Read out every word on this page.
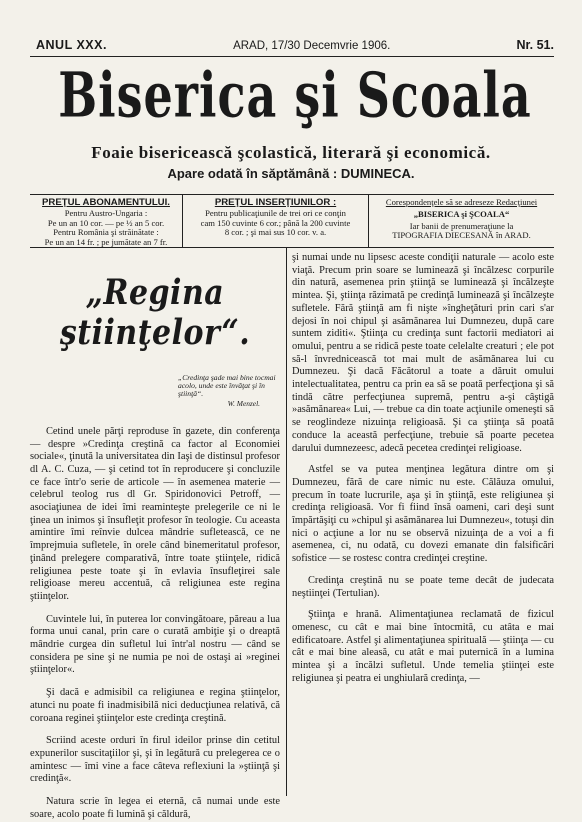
ANUL XXX.	ARAD, 17/30 Decemvrie 1906.	Nr. 51.
Biserica şi Scoala
Foaie bisericească şcolastică, literară şi economică.
Apare odată în săptămână : DUMINECA.
PREŢUL ABONAMENTULUI.
Pentru Austro-Ungaria :
Pe un an 10 cor. — pe ½ an 5 cor.
Pentru România şi străinătate :
Pe un an 14 fr. ; pe jumătate an 7 fr.
PREŢUL INSERŢIUNILOR :
Pentru publicaţiunile de trei ori ce conţin
cam 150 cuvinte 6 cor.; până la 200 cuvinte
8 cor. ; şi mai sus 10 cor. v. a.
Corespondenţele să se adreseze Redacţiunei
„BISERICA şi ŞCOALA“
Iar banii de prenumeraţiune la
TIPOGRAFIA DIECESANĂ în ARAD.
„Regina ştiinţelor“.
„Credinţa şade mai bine tocmai acolo, unde este învăţat şi în ştiinţă“.
W. Menzel.

Cetind unele părţi reproduse în gazete, din conferenţa — despre »Credinţa creştină ca factor al Economiei sociale«, ţinută la universitatea din Iaşi de distinsul profesor dl A. C. Cuza, — şi cetind tot în reproducere şi concluzile ce face într'o serie de articole — în asemenea materie — celebrul teolog rus dl Gr. Spiridonovici Petroff, — asociaţiunea de idei îmi reaminteşte prelegerile ce ni le ţinea un inimos şi însufleţit profesor în teologie. Cu aceasta amintire îmi reînvie dulcea mândrie sufletească, ce ne împrejmuia sufletele, în orele când binemeritatul profesor, ţinând prelegere comparativă, între toate ştiinţele, ridică religiunea peste toate şi în evlavia însufleţirei sale religioase mereu accentuă, că religiunea este regina ştiinţelor.

Cuvintele lui, în puterea lor convingătoare, păreau a lua forma unui canal, prin care o curată ambiţie şi o dreaptă mândrie curgea din sufletul lui într'al nostru — când se considera pe sine şi ne numia pe noi de ostaşi ai »reginei ştiinţelor«.

Şi dacă e admisibil ca religiunea e regina ştiinţelor, atunci nu poate fi inadmisibilă nici deducţiunea relativă, că coroana reginei ştiinţelor este credinţa creştină.

Scriind aceste orduri în firul ideilor prinse din cetitul expunerilor suscitaţiilor şi, şi în legătură cu prelegerea ce o amintesc — îmi vine a face câteva reflexiuni la »ştiinţă şi credinţă«.

Natura scrie în legea ei eternă, că numai unde este soare, acolo poate fi lumină şi căldură,

şi numai unde nu lipsesc aceste condiţii naturale — acolo este viaţă. Precum prin soare se luminează şi încălzesc corpurile din natură, asemenea prin ştiinţă se luminează şi încălzeşte mintea. Şi, ştiinţa răzimată pe credinţă luminează şi încălzeşte sufletele. Fără ştiinţă am fi nişte »îngheţături prin cari s'ar dejosi în noi chipul şi asămănarea lui Dumnezeu, după care suntem ziditi«. Ştiinţa cu credinţa sunt factorii mediatori ai omului, pentru a se ridică peste toate celelalte creaturi ; ele pot să-l învrednicească tot mai mult de asămănarea lui cu Dumnezeu. Şi dacă Făcătorul a toate a dăruit omului intelectualitatea, pentru ca prin ea să se poată perfecţiona şi să tindă către perfecţiunea supremă, pentru a-şi câştigă »asămănarea« Lui, — trebue ca din toate acţiunile omeneşti să se reoglindeze nizuinţa religioasă. Şi ca ştiinţa să poată conduce la această perfecţiune, trebuie să poarte pecetea darului dumnezeesc, adecă pecetea credinţei religioase.

Astfel se va putea menţinea legătura dintre om şi Dumnezeu, fără de care nimic nu este. Călăuza omului, precum în toate lucrurile, aşa şi în ştiinţă, este religiunea şi credinţa religioasă. Vor fi fiind însă oameni, cari deşi sunt împărtăşiţi cu »chipul şi asămănarea lui Dumnezeu«, totuşi din nici o acţiune a lor nu se observă nizuinţa de a voi a fi asemenea, ci, nu odată, cu dovezi emanate din falsificări sofistice — se rostesc contra credinţei creştine.

Credinţa creştină nu se poate teme decât de judecata neştiinţei (Tertulian).

Ştiinţa e hrană. Alimentaţiunea reclamată de fizicul omenesc, cu cât e mai bine întocmită, cu atâta e mai edificatoare. Astfel şi alimentaţiunea spirituală — ştiinţa — cu cât e mai bine aleasă, cu atât e mai puternică în a lumina mintea şi a încălzi sufletul. Unde temelia ştiinţei este religiunea şi peatra ei unghiulară credinţa, —
